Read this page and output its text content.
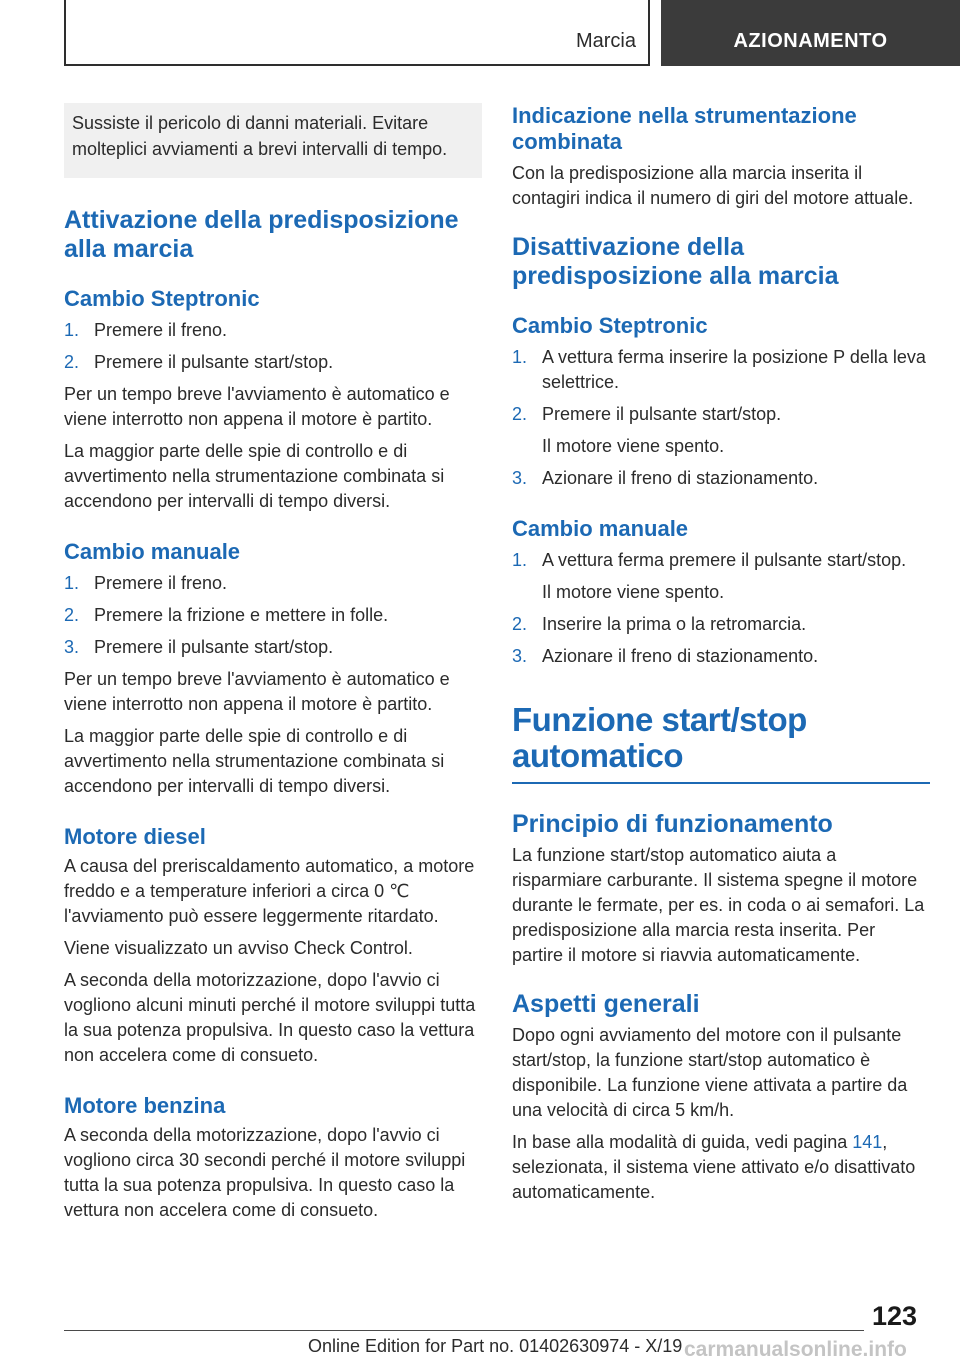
Marcia	AZIONAMENTO
Sussiste il pericolo di danni materiali. Evitare molteplici avviamenti a brevi intervalli di tempo.
Attivazione della predisposizione alla marcia
Cambio Steptronic
1. Premere il freno.
2. Premere il pulsante start/stop.
Per un tempo breve l'avviamento è automatico e viene interrotto non appena il motore è partito.
La maggior parte delle spie di controllo e di avvertimento nella strumentazione combinata si accendono per intervalli di tempo diversi.
Cambio manuale
1. Premere il freno.
2. Premere la frizione e mettere in folle.
3. Premere il pulsante start/stop.
Per un tempo breve l'avviamento è automatico e viene interrotto non appena il motore è partito.
La maggior parte delle spie di controllo e di avvertimento nella strumentazione combinata si accendono per intervalli di tempo diversi.
Motore diesel
A causa del preriscaldamento automatico, a motore freddo e a temperature inferiori a circa 0 ℃ l'avviamento può essere leggermente ritardato.
Viene visualizzato un avviso Check Control.
A seconda della motorizzazione, dopo l'avvio ci vogliono alcuni minuti perché il motore sviluppi tutta la sua potenza propulsiva. In questo caso la vettura non accelera come di consueto.
Motore benzina
A seconda della motorizzazione, dopo l'avvio ci vogliono circa 30 secondi perché il motore sviluppi tutta la sua potenza propulsiva. In questo caso la vettura non accelera come di consueto.
Indicazione nella strumentazione combinata
Con la predisposizione alla marcia inserita il contagiri indica il numero di giri del motore attuale.
Disattivazione della predisposizione alla marcia
Cambio Steptronic
1. A vettura ferma inserire la posizione P della leva selettrice.
2. Premere il pulsante start/stop.
Il motore viene spento.
3. Azionare il freno di stazionamento.
Cambio manuale
1. A vettura ferma premere il pulsante start/stop.
Il motore viene spento.
2. Inserire la prima o la retromarcia.
3. Azionare il freno di stazionamento.
Funzione start/stop automatico
Principio di funzionamento
La funzione start/stop automatico aiuta a risparmiare carburante. Il sistema spegne il motore durante le fermate, per es. in coda o ai semafori. La predisposizione alla marcia resta inserita. Per partire il motore si riavvia automaticamente.
Aspetti generali
Dopo ogni avviamento del motore con il pulsante start/stop, la funzione start/stop automatico è disponibile. La funzione viene attivata a partire da una velocità di circa 5 km/h.
In base alla modalità di guida, vedi pagina 141, selezionata, il sistema viene attivato e/o disattivato automaticamente.
123
Online Edition for Part no. 01402630974 - X/19 carmanualsonline.info
